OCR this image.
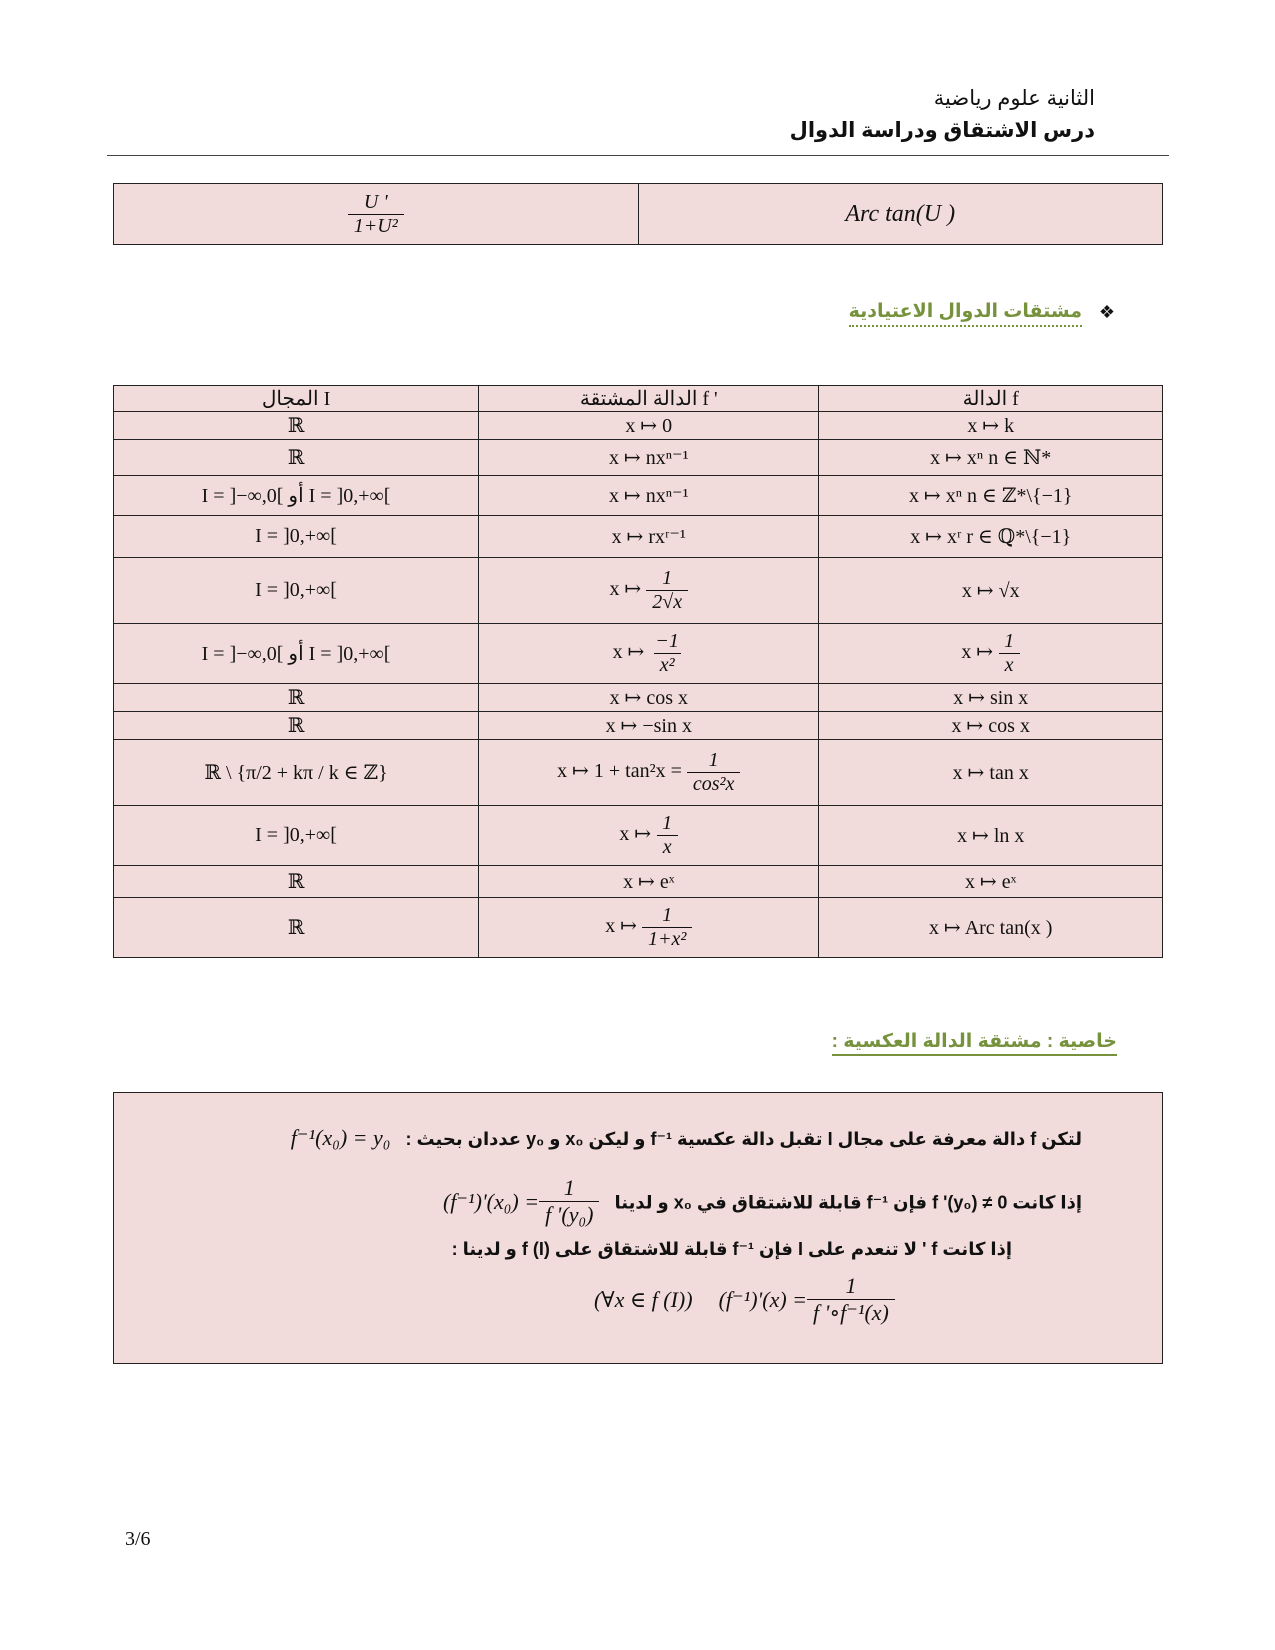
الثانية علوم رياضية
درس الاشتقاق ودراسة الدوال
$\frac{U '}{\text{1+U²}}$	Arc tan(U )
❖
مشتقات الدوال الاعتيادية
المجال I	الدالة المشتقة f '	الدالة f
ℝ	x ↦ 0	x ↦ k
ℝ	x ↦ nxⁿ⁻¹	x ↦ xⁿ n ∈ ℕ*
I = ]−∞,0[ أو I = ]0,+∞[	x ↦ nxⁿ⁻¹	x ↦ xⁿ n ∈ ℤ*\{−1}
I = ]0,+∞[	x ↦ rxʳ⁻¹	x ↦ xʳ r ∈ ℚ*\{−1}
I = ]0,+∞[	x ↦ $\frac{1}{2√x}$	x ↦ √x
I = ]−∞,0[ أو I = ]0,+∞[	x ↦ $\frac{-1}{\text{x²}}$	x ↦ $\frac{1}{x}$

ℝ	x ↦ cos x	x ↦ sin x
ℝ	x ↦ −sin x	x ↦ cos x
ℝ \ {π/2 + kπ / k ∈ ℤ}	x ↦ $1 + \tan^2x = \frac{1}{\text{cos²x}}$	x ↦ tan x
I = ]0,+∞[	x ↦ $\frac{1}{x}$	x ↦ ln x
ℝ	x ↦ eˣ	x ↦ eˣ
ℝ	x ↦ $\frac{1}{\text{1+x²}}$	x ↦ Arc tan(x )
خاصية : مشتقة الدالة العكسية :
لتكن f دالة معرفة على مجال I تقبل دالة عكسية f⁻¹ و ليكن x₀ و y₀ عددان بحيث : f⁻¹(x₀) = y₀
إذا كانت f '(y₀) ≠ 0 فإن f⁻¹ قابلة للاشتقاق في x₀ و لدينا
$(f^{-1})'(x_0) = \frac{1}{\text{f '(y₀)}}$
إذا كانت f ' لا تنعدم على I فإن f⁻¹ قابلة للاشتقاق على f (I) و لدينا :
(∀x ∈ f (I)) $(f^{-1})'(x) = \frac{1}{\text{f '∘f⁻¹(x)}}$
3/6
